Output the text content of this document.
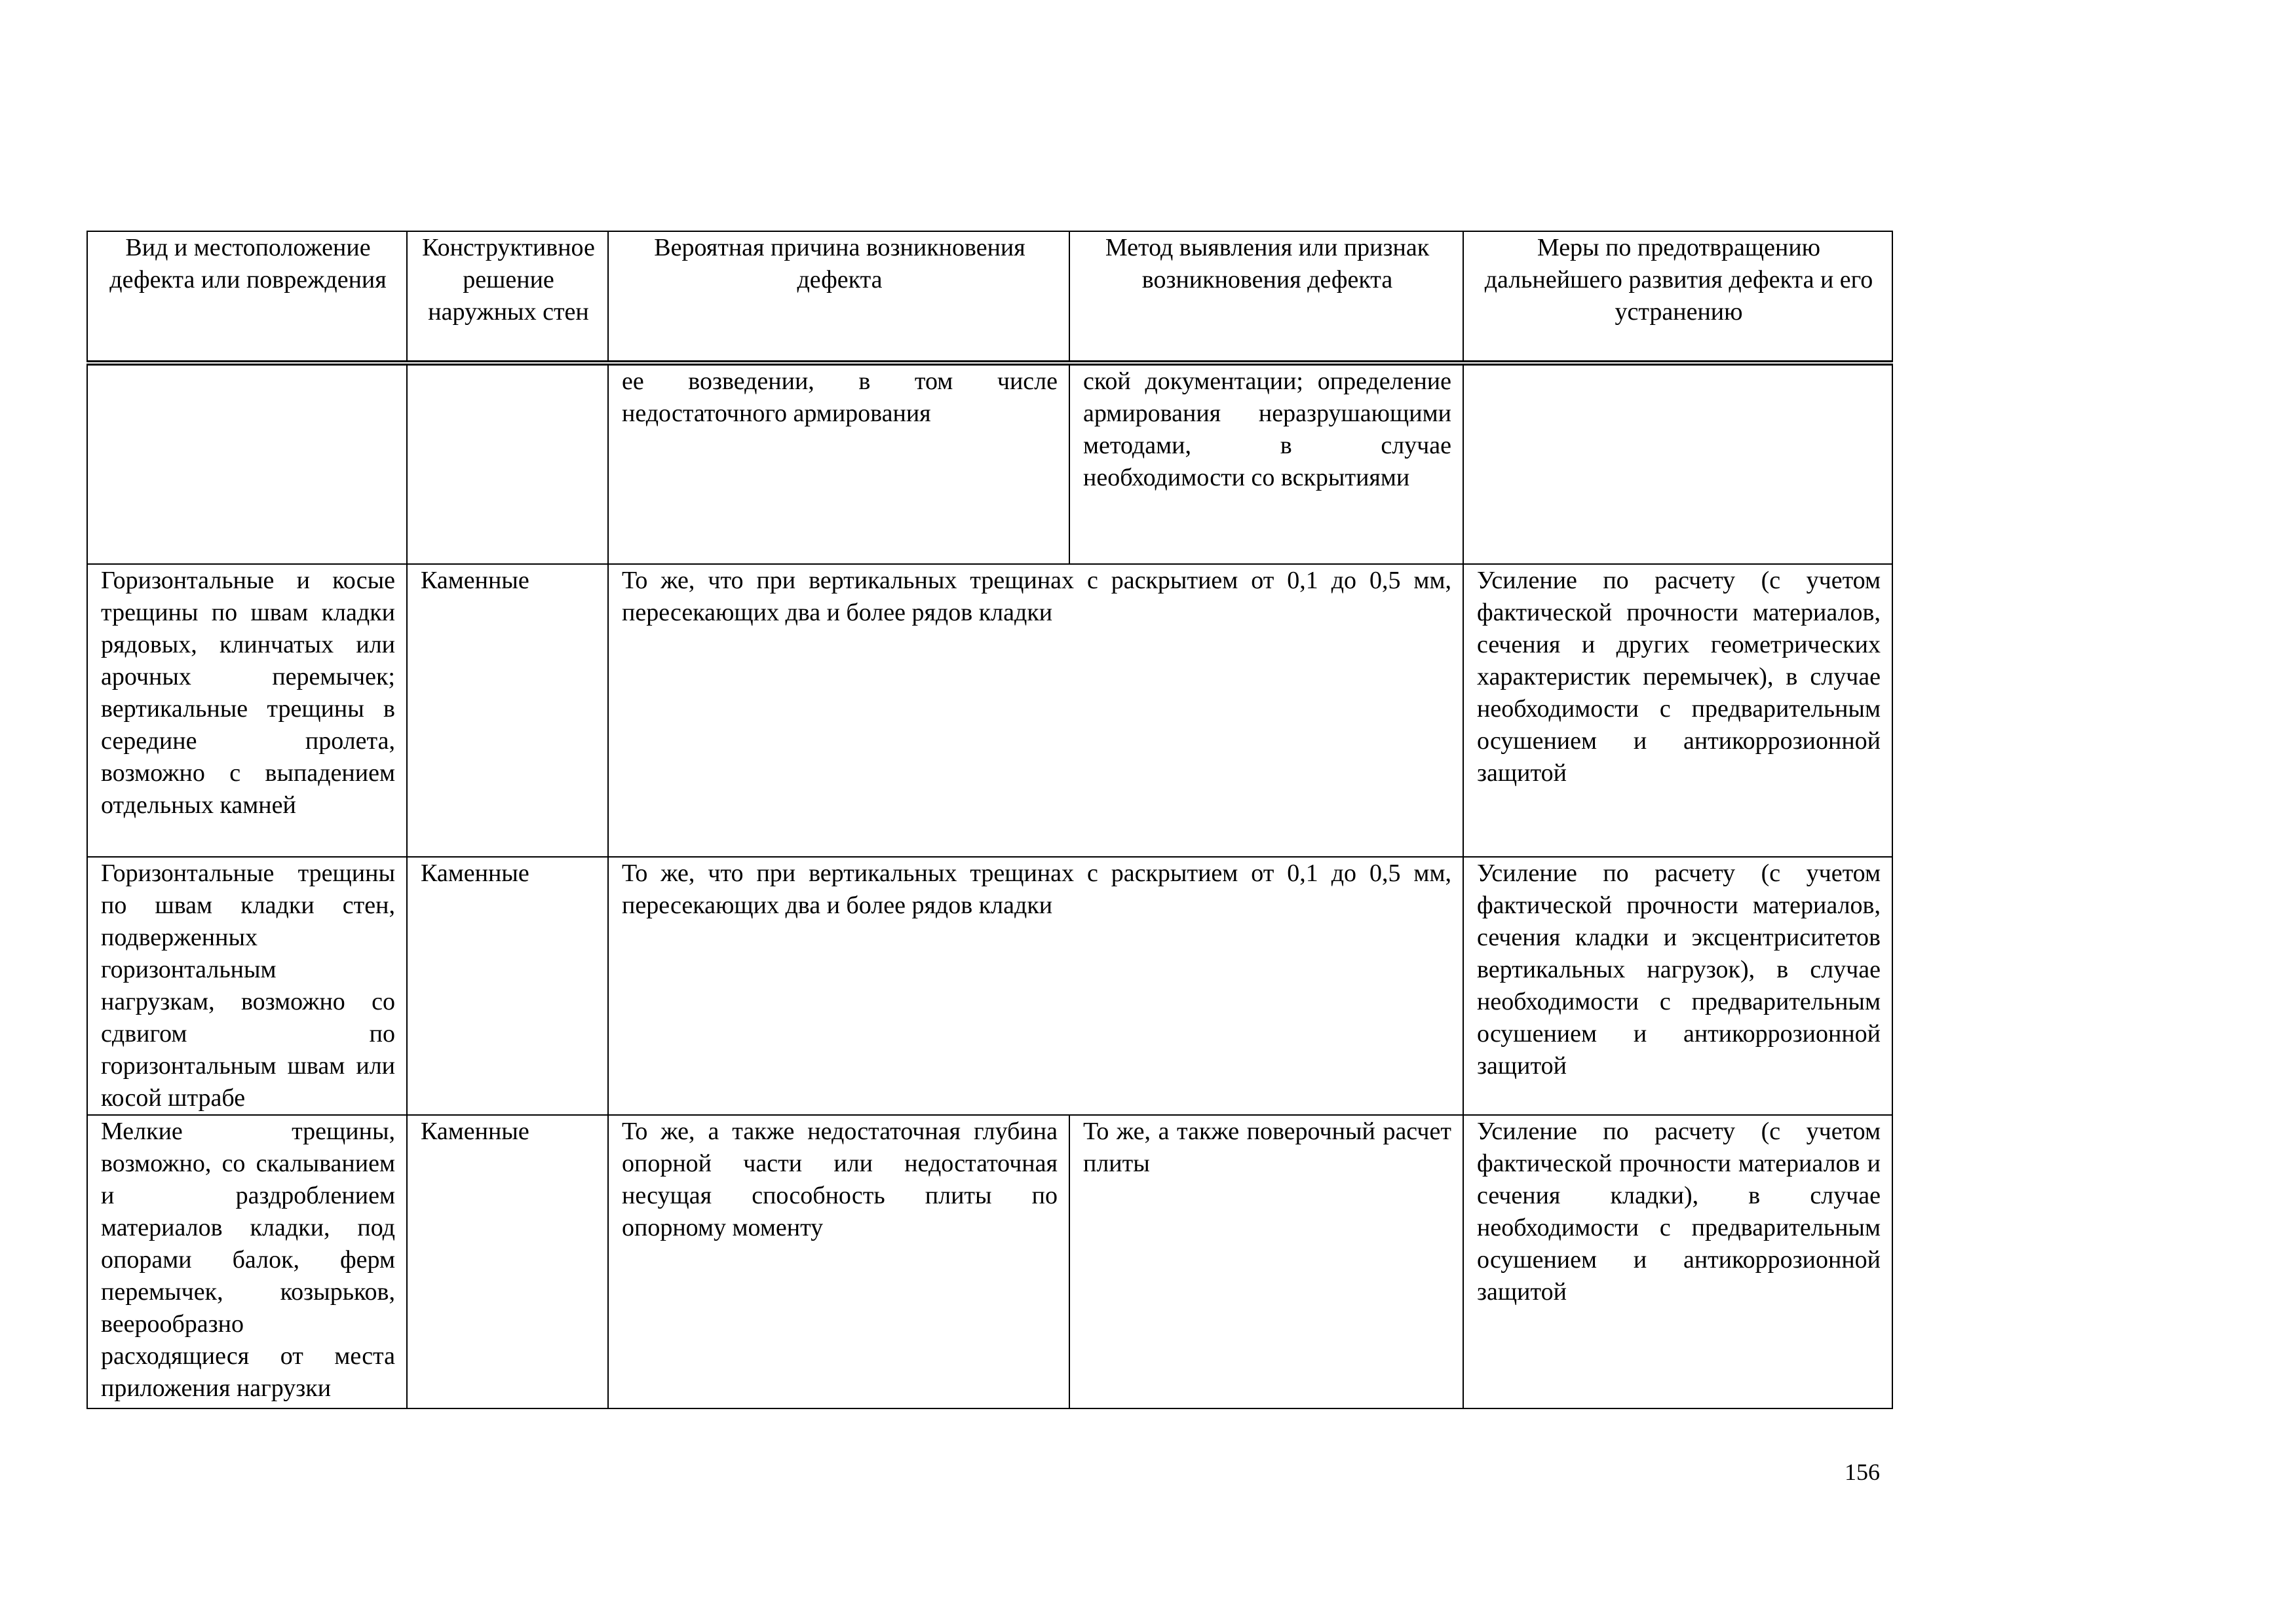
Вид и местоположение дефекта или повреждения	Конструктивное решение наружных стен	Вероятная причина возникновения дефекта	Метод выявления или признак возникновения дефекта	Меры по предотвращению дальнейшего развития дефекта и его устранению
		ее возведении, в том числе недостаточного армирования	ской документации; определение армирования неразрушающими методами, в случае необходимости со вскрытиями	
Горизонтальные и косые трещины по швам кладки рядовых, клинчатых или арочных перемычек; вертикальные трещины в середине пролета, возможно с выпадением отдельных камней	Каменные	То же, что при вертикальных трещинах с раскрытием от 0,1 до 0,5 мм, пересекающих два и более рядов кладки		Усиление по расчету (с учетом фактической прочности материалов, сечения и других геометрических характеристик перемычек), в случае необходимости с предварительным осушением и антикоррозионной защитой
Горизонтальные трещины по швам кладки стен, подверженных горизонтальным нагрузкам, возможно со сдвигом по горизонтальным швам или косой штрабе	Каменные	То же, что при вертикальных трещинах с раскрытием от 0,1 до 0,5 мм, пересекающих два и более рядов кладки		Усиление по расчету (с учетом фактической прочности материалов, сечения кладки и эксцентриситетов вертикальных нагрузок), в случае необходимости с предварительным осушением и антикоррозионной защитой
Мелкие трещины, возможно, со скалыванием и раздроблением материалов кладки, под опорами балок, ферм перемычек, козырьков, веерообразно расходящиеся от места приложения нагрузки	Каменные	То же, а также недостаточная глубина опорной части или недостаточная несущая способность плиты по опорному моменту	То же, а также поверочный расчет плиты	Усиление по расчету (с учетом фактической прочности материалов и сечения кладки), в случае необходимости с предварительным осушением и антикоррозионной защитой
156
